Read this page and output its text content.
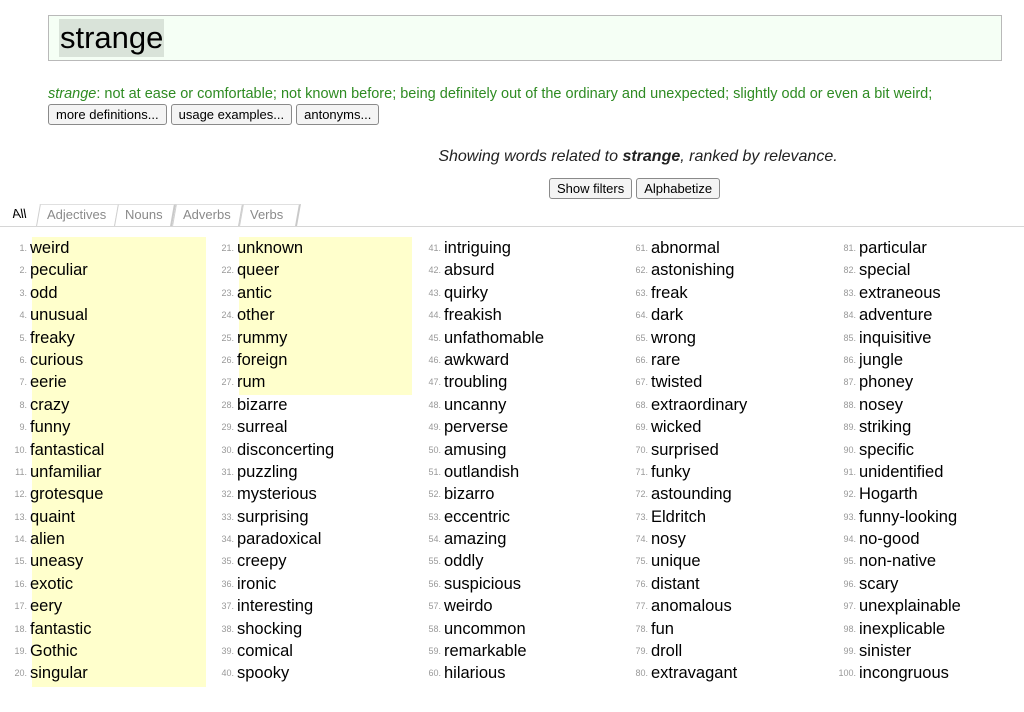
strange
strange: not at ease or comfortable; not known before; being definitely out of the ordinary and unexpected; slightly odd or even a bit weird;
more definitions...	usage examples...	antonyms...
Showing words related to strange, ranked by relevance.
Show filters	Alphabetize
All	Adjectives	Nouns	Adverbs	Verbs
1. weird
2. peculiar
3. odd
4. unusual
5. freaky
6. curious
7. eerie
8. crazy
9. funny
10. fantastical
11. unfamiliar
12. grotesque
13. quaint
14. alien
15. uneasy
16. exotic
17. eery
18. fantastic
19. Gothic
20. singular
21. unknown
22. queer
23. antic
24. other
25. rummy
26. foreign
27. rum
28. bizarre
29. surreal
30. disconcerting
31. puzzling
32. mysterious
33. surprising
34. paradoxical
35. creepy
36. ironic
37. interesting
38. shocking
39. comical
40. spooky
41. intriguing
42. absurd
43. quirky
44. freakish
45. unfathomable
46. awkward
47. troubling
48. uncanny
49. perverse
50. amusing
51. outlandish
52. bizarro
53. eccentric
54. amazing
55. oddly
56. suspicious
57. weirdo
58. uncommon
59. remarkable
60. hilarious
61. abnormal
62. astonishing
63. freak
64. dark
65. wrong
66. rare
67. twisted
68. extraordinary
69. wicked
70. surprised
71. funky
72. astounding
73. Eldritch
74. nosy
75. unique
76. distant
77. anomalous
78. fun
79. droll
80. extravagant
81. particular
82. special
83. extraneous
84. adventure
85. inquisitive
86. jungle
87. phoney
88. nosey
89. striking
90. specific
91. unidentified
92. Hogarth
93. funny-looking
94. no-good
95. non-native
96. scary
97. unexplainable
98. inexplicable
99. sinister
100. incongruous
